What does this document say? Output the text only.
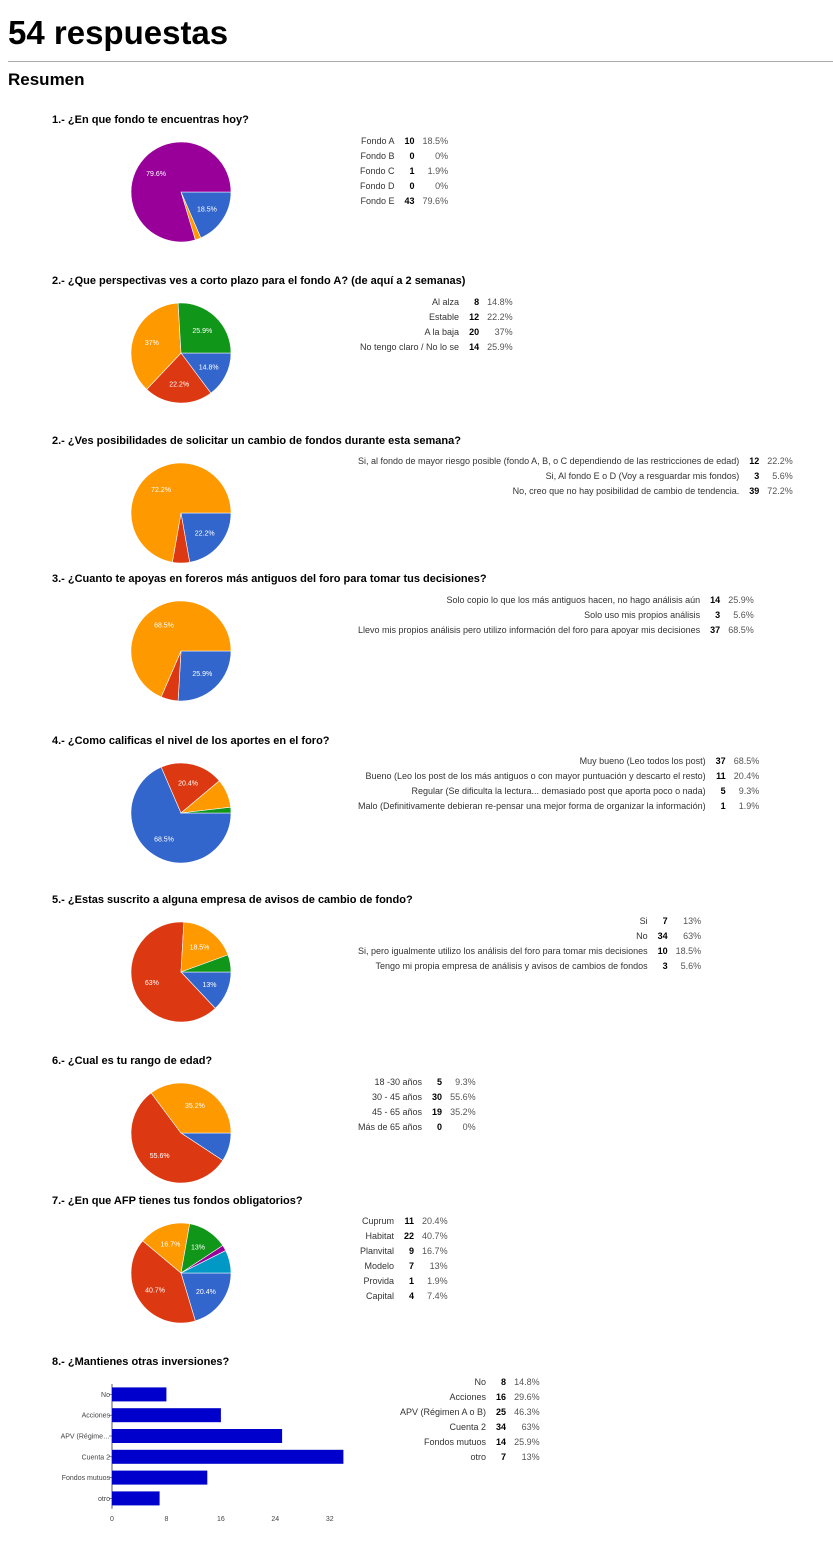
54 respuestas
Resumen
1.- ¿En que fondo te encuentras hoy?
Fondo A	10	18.5%
Fondo B	0	0%
Fondo C	1	1.9%
Fondo D	0	0%
Fondo E	43	79.6%
18.5%
79.6%
2.- ¿Que perspectivas ves a corto plazo para el fondo A? (de aquí a 2 semanas)
Al alza	8	14.8%
Estable	12	22.2%
A la baja	20	37%
No tengo claro / No lo se	14	25.9%
14.8%
22.2%
37%
25.9%
2.- ¿Ves posibilidades de solicitar un cambio de fondos durante esta semana?
Si, al fondo de mayor riesgo posible (fondo A, B, o C dependiendo de las restricciones de edad)	12	22.2%
Si, Al fondo E o D (Voy a resguardar mis fondos)	3	5.6%
No, creo que no hay posibilidad de cambio de tendencia.	39	72.2%
22.2%
72.2%
3.- ¿Cuanto te apoyas en foreros más antiguos del foro para tomar tus decisiones?
Solo copio lo que los más antiguos hacen, no hago análisis aún	14	25.9%
Solo uso mis propios análisis	3	5.6%
Llevo mis propios análisis pero utilizo información del foro para apoyar mis decisiones	37	68.5%
25.9%
68.5%
4.- ¿Como calificas el nivel de los aportes en el foro?
Muy bueno (Leo todos los post)	37	68.5%
Bueno (Leo los post de los más antiguos o con mayor puntuación y descarto el resto)	11	20.4%
Regular (Se dificulta la lectura... demasiado post que aporta poco o nada)	5	9.3%
Malo (Definitivamente debieran re-pensar una mejor forma de organizar la información)	1	1.9%
68.5%
20.4%
5.- ¿Estas suscrito a alguna empresa de avisos de cambio de fondo?
Si	7	13%
No	34	63%
Si, pero igualmente utilizo los análisis del foro para tomar mis decisiones	10	18.5%
Tengo mi propia empresa de análisis y avisos de cambios de fondos	3	5.6%
13%
63%
18.5%
6.- ¿Cual es tu rango de edad?
18 -30 años	5	9.3%
30 - 45 años	30	55.6%
45 - 65 años	19	35.2%
Más de 65 años	0	0%
55.6%
35.2%
7.- ¿En que AFP tienes tus fondos obligatorios?
Cuprum	11	20.4%
Habitat	22	40.7%
Planvital	9	16.7%
Modelo	7	13%
Provida	1	1.9%
Capital	4	7.4%
20.4%
40.7%
16.7% 13%
8.- ¿Mantienes otras inversiones?
No	8	14.8%
Acciones	16	29.6%
APV (Régimen A o B)	25	46.3%
Cuenta 2	34	63%
Fondos mutuos	14	25.9%
otro	7	13%
No
Acciones
APV (Régime…
Cuenta 2
Fondos mutuos
otro
0	8	16	24	32
